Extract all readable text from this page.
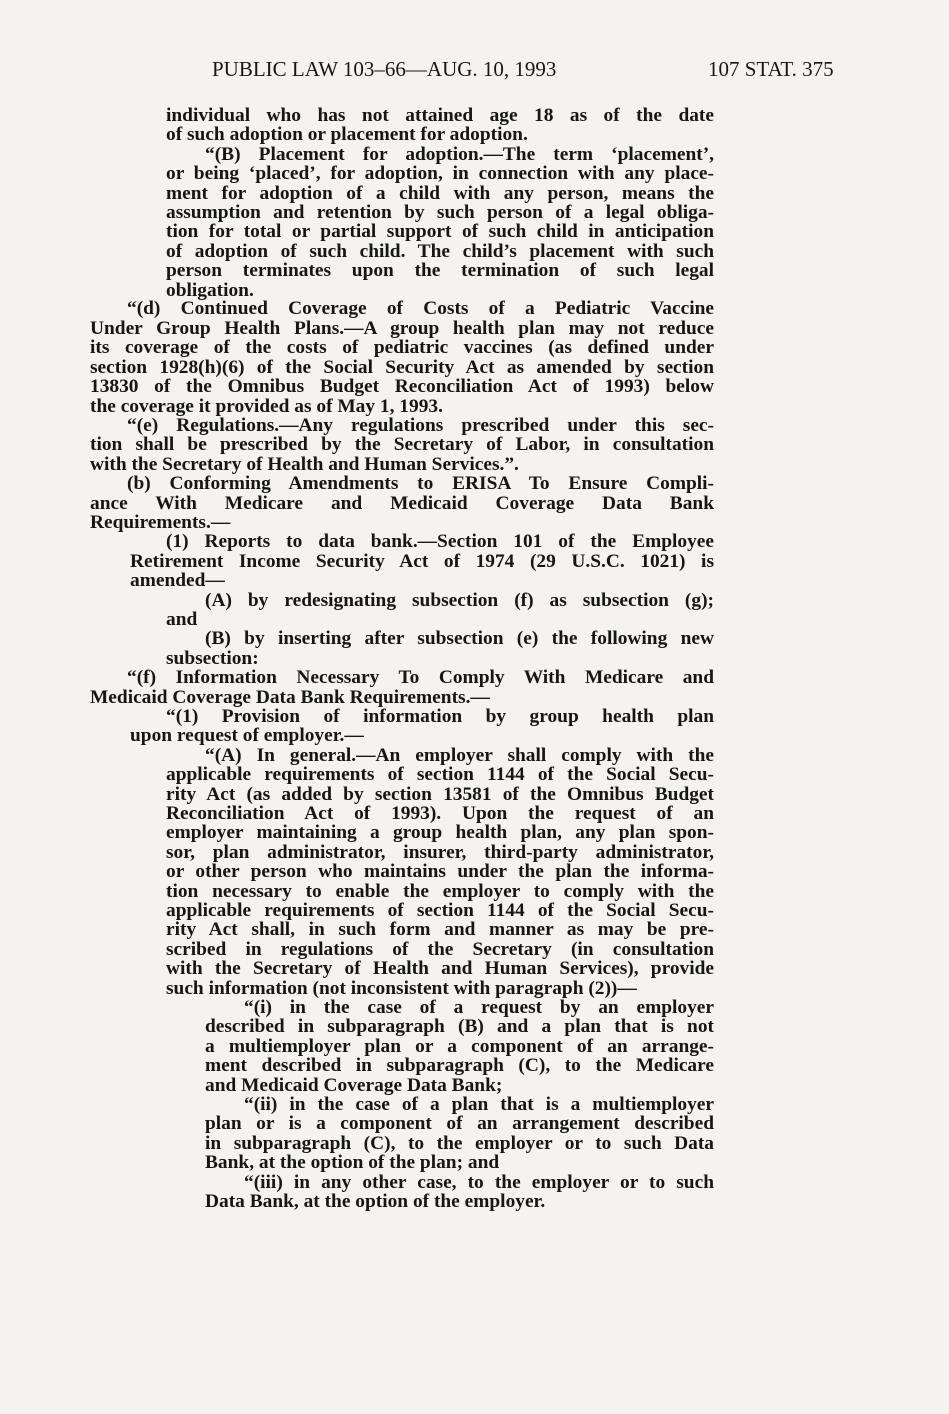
PUBLIC LAW 103–66—AUG. 10, 1993	107 STAT. 375
individual who has not attained age 18 as of the date
of such adoption or placement for adoption.
“(B) Placement for adoption.—The term ‘placement’,
or being ‘placed’, for adoption, in connection with any place-
ment for adoption of a child with any person, means the
assumption and retention by such person of a legal obliga-
tion for total or partial support of such child in anticipation
of adoption of such child. The child’s placement with such
person terminates upon the termination of such legal
obligation.
“(d) Continued Coverage of Costs of a Pediatric Vaccine
Under Group Health Plans.—A group health plan may not reduce
its coverage of the costs of pediatric vaccines (as defined under
section 1928(h)(6) of the Social Security Act as amended by section
13830 of the Omnibus Budget Reconciliation Act of 1993) below
the coverage it provided as of May 1, 1993.
“(e) Regulations.—Any regulations prescribed under this sec-
tion shall be prescribed by the Secretary of Labor, in consultation
with the Secretary of Health and Human Services.”.
(b) Conforming Amendments to ERISA To Ensure Compli-
ance With Medicare and Medicaid Coverage Data Bank
Requirements.—
(1) Reports to data bank.—Section 101 of the Employee
Retirement Income Security Act of 1974 (29 U.S.C. 1021) is
amended—
(A) by redesignating subsection (f) as subsection (g);
and
(B) by inserting after subsection (e) the following new
subsection:
“(f) Information Necessary To Comply With Medicare and
Medicaid Coverage Data Bank Requirements.—
“(1) Provision of information by group health plan
upon request of employer.—
“(A) In general.—An employer shall comply with the
applicable requirements of section 1144 of the Social Secu-
rity Act (as added by section 13581 of the Omnibus Budget
Reconciliation Act of 1993). Upon the request of an
employer maintaining a group health plan, any plan spon-
sor, plan administrator, insurer, third-party administrator,
or other person who maintains under the plan the informa-
tion necessary to enable the employer to comply with the
applicable requirements of section 1144 of the Social Secu-
rity Act shall, in such form and manner as may be pre-
scribed in regulations of the Secretary (in consultation
with the Secretary of Health and Human Services), provide
such information (not inconsistent with paragraph (2))—
“(i) in the case of a request by an employer
described in subparagraph (B) and a plan that is not
a multiemployer plan or a component of an arrange-
ment described in subparagraph (C), to the Medicare
and Medicaid Coverage Data Bank;
“(ii) in the case of a plan that is a multiemployer
plan or is a component of an arrangement described
in subparagraph (C), to the employer or to such Data
Bank, at the option of the plan; and
“(iii) in any other case, to the employer or to such
Data Bank, at the option of the employer.
